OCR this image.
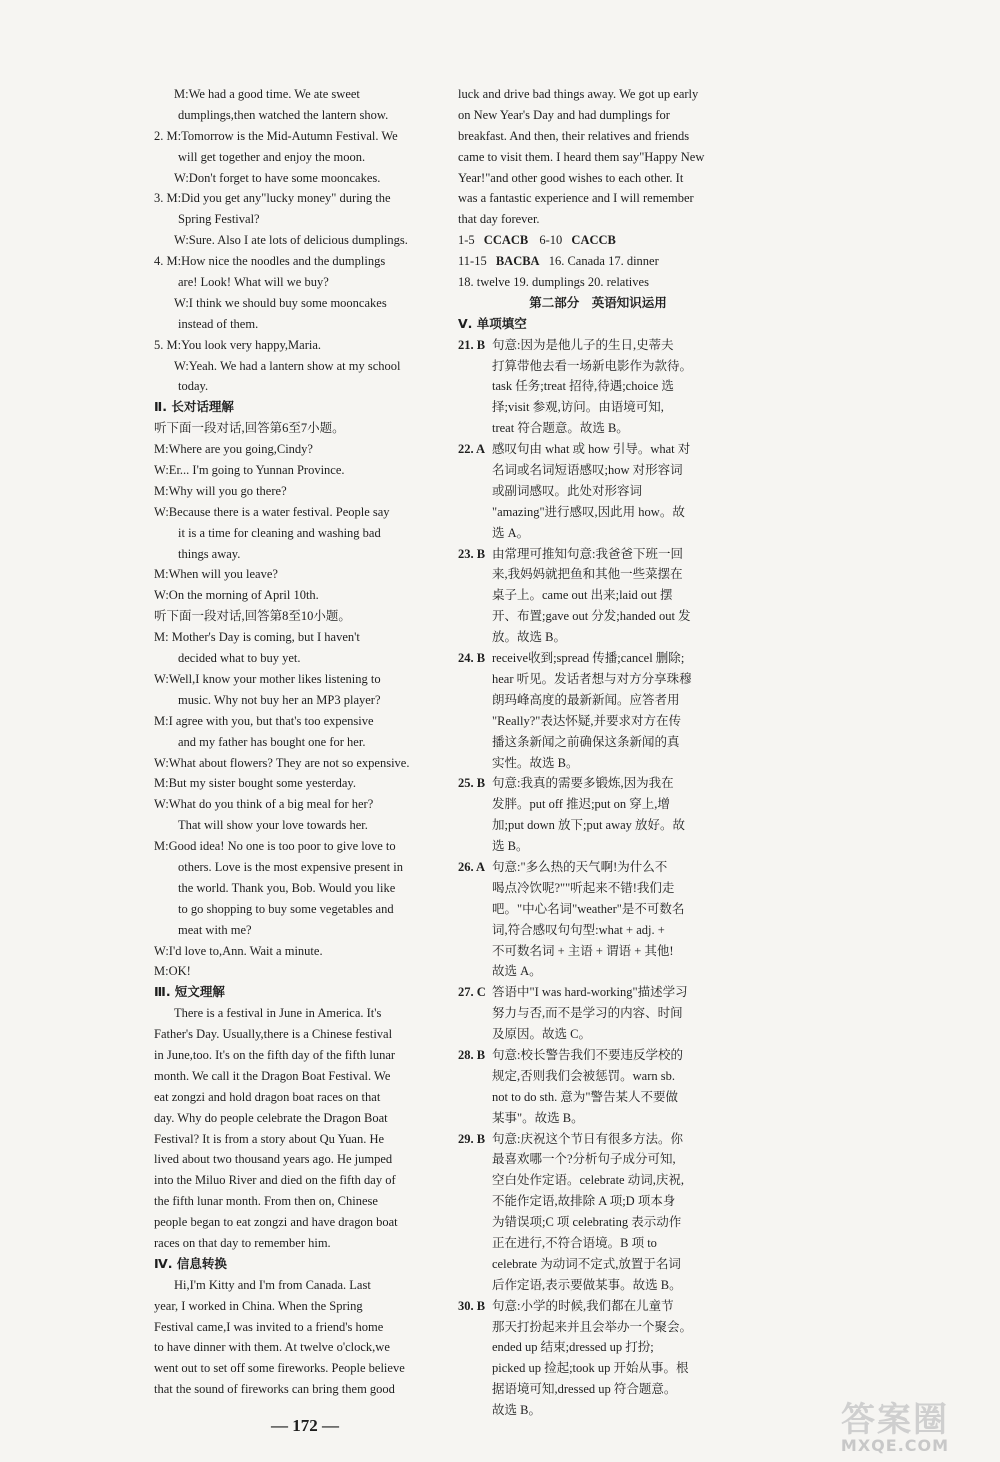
M:We had a good time. We ate sweet
dumplings,then watched the lantern show.
2. M:Tomorrow is the Mid-Autumn Festival. We
will get together and enjoy the moon.
W:Don't forget to have some mooncakes.
3. M:Did you get any"lucky money" during the
Spring Festival?
W:Sure. Also I ate lots of delicious dumplings.
4. M:How nice the noodles and the dumplings
are! Look! What will we buy?
W:I think we should buy some mooncakes
instead of them.
5. M:You look very happy,Maria.
W:Yeah. We had a lantern show at my school
today.
Ⅱ. 长对话理解
听下面一段对话,回答第6至7小题。
M:Where are you going,Cindy?
W:Er... I'm going to Yunnan Province.
M:Why will you go there?
W:Because there is a water festival. People say
it is a time for cleaning and washing bad
things away.
M:When will you leave?
W:On the morning of April 10th.
听下面一段对话,回答第8至10小题。
M: Mother's Day is coming, but I haven't
decided what to buy yet.
W:Well,I know your mother likes listening to
music. Why not buy her an MP3 player?
M:I agree with you, but that's too expensive
and my father has bought one for her.
W:What about flowers? They are not so expensive.
M:But my sister bought some yesterday.
W:What do you think of a big meal for her?
That will show your love towards her.
M:Good idea! No one is too poor to give love to
others. Love is the most expensive present in
the world. Thank you, Bob. Would you like
to go shopping to buy some vegetables and
meat with me?
W:I'd love to,Ann. Wait a minute.
M:OK!
Ⅲ. 短文理解
There is a festival in June in America. It's
Father's Day. Usually,there is a Chinese festival
in June,too. It's on the fifth day of the fifth lunar
month. We call it the Dragon Boat Festival. We
eat zongzi and hold dragon boat races on that
day. Why do people celebrate the Dragon Boat
Festival? It is from a story about Qu Yuan. He
lived about two thousand years ago. He jumped
into the Miluo River and died on the fifth day of
the fifth lunar month. From then on, Chinese
people began to eat zongzi and have dragon boat
races on that day to remember him.
Ⅳ. 信息转换
Hi,I'm Kitty and I'm from Canada. Last
year, I worked in China. When the Spring
Festival came,I was invited to a friend's home
to have dinner with them. At twelve o'clock,we
went out to set off some fireworks. People believe
that the sound of fireworks can bring them good
luck and drive bad things away. We got up early
on New Year's Day and had dumplings for
breakfast. And then, their relatives and friends
came to visit them. I heard them say"Happy New
Year!"and other good wishes to each other. It
was a fantastic experience and I will remember
that day forever.
1-5 CCACB 6-10 CACCB
11-15 BACBA 16. Canada 17. dinner
18. twelve 19. dumplings 20. relatives
第二部分　英语知识运用
Ⅴ. 单项填空
21. B 句意:因为是他儿子的生日,史蒂夫
打算带他去看一场新电影作为款待。
task 任务;treat 招待,待遇;choice 选
择;visit 参观,访问。由语境可知,
treat 符合题意。故选 B。
22. A 感叹句由 what 或 how 引导。what 对
名词或名词短语感叹;how 对形容词
或副词感叹。此处对形容词
"amazing"进行感叹,因此用 how。故
选 A。
23. B 由常理可推知句意:我爸爸下班一回
来,我妈妈就把鱼和其他一些菜摆在
桌子上。came out 出来;laid out 摆
开、布置;gave out 分发;handed out 发
放。故选 B。
24. B receive收到;spread 传播;cancel 删除;
hear 听见。发话者想与对方分享珠穆
朗玛峰高度的最新新闻。应答者用
"Really?"表达怀疑,并要求对方在传
播这条新闻之前确保这条新闻的真
实性。故选 B。
25. B 句意:我真的需要多锻炼,因为我在
发胖。put off 推迟;put on 穿上,增
加;put down 放下;put away 放好。故
选 B。
26. A 句意:"多么热的天气啊!为什么不
喝点冷饮呢?""听起来不错!我们走
吧。"中心名词"weather"是不可数名
词,符合感叹句句型:what + adj. +
不可数名词 + 主语 + 谓语 + 其他!
故选 A。
27. C 答语中"I was hard-working"描述学习
努力与否,而不是学习的内容、时间
及原因。故选 C。
28. B 句意:校长警告我们不要违反学校的
规定,否则我们会被惩罚。warn sb.
not to do sth. 意为"警告某人不要做
某事"。故选 B。
29. B 句意:庆祝这个节日有很多方法。你
最喜欢哪一个?分析句子成分可知,
空白处作定语。celebrate 动词,庆祝,
不能作定语,故排除 A 项;D 项本身
为错误项;C 项 celebrating 表示动作
正在进行,不符合语境。B 项 to
celebrate 为动词不定式,放置于名词
后作定语,表示要做某事。故选 B。
30. B 句意:小学的时候,我们都在儿童节
那天打扮起来并且会举办一个聚会。
ended up 结束;dressed up 打扮;
picked up 捡起;took up 开始从事。根
据语境可知,dressed up 符合题意。
故选 B。
— 172 —	答案圈
MXQE.COM
